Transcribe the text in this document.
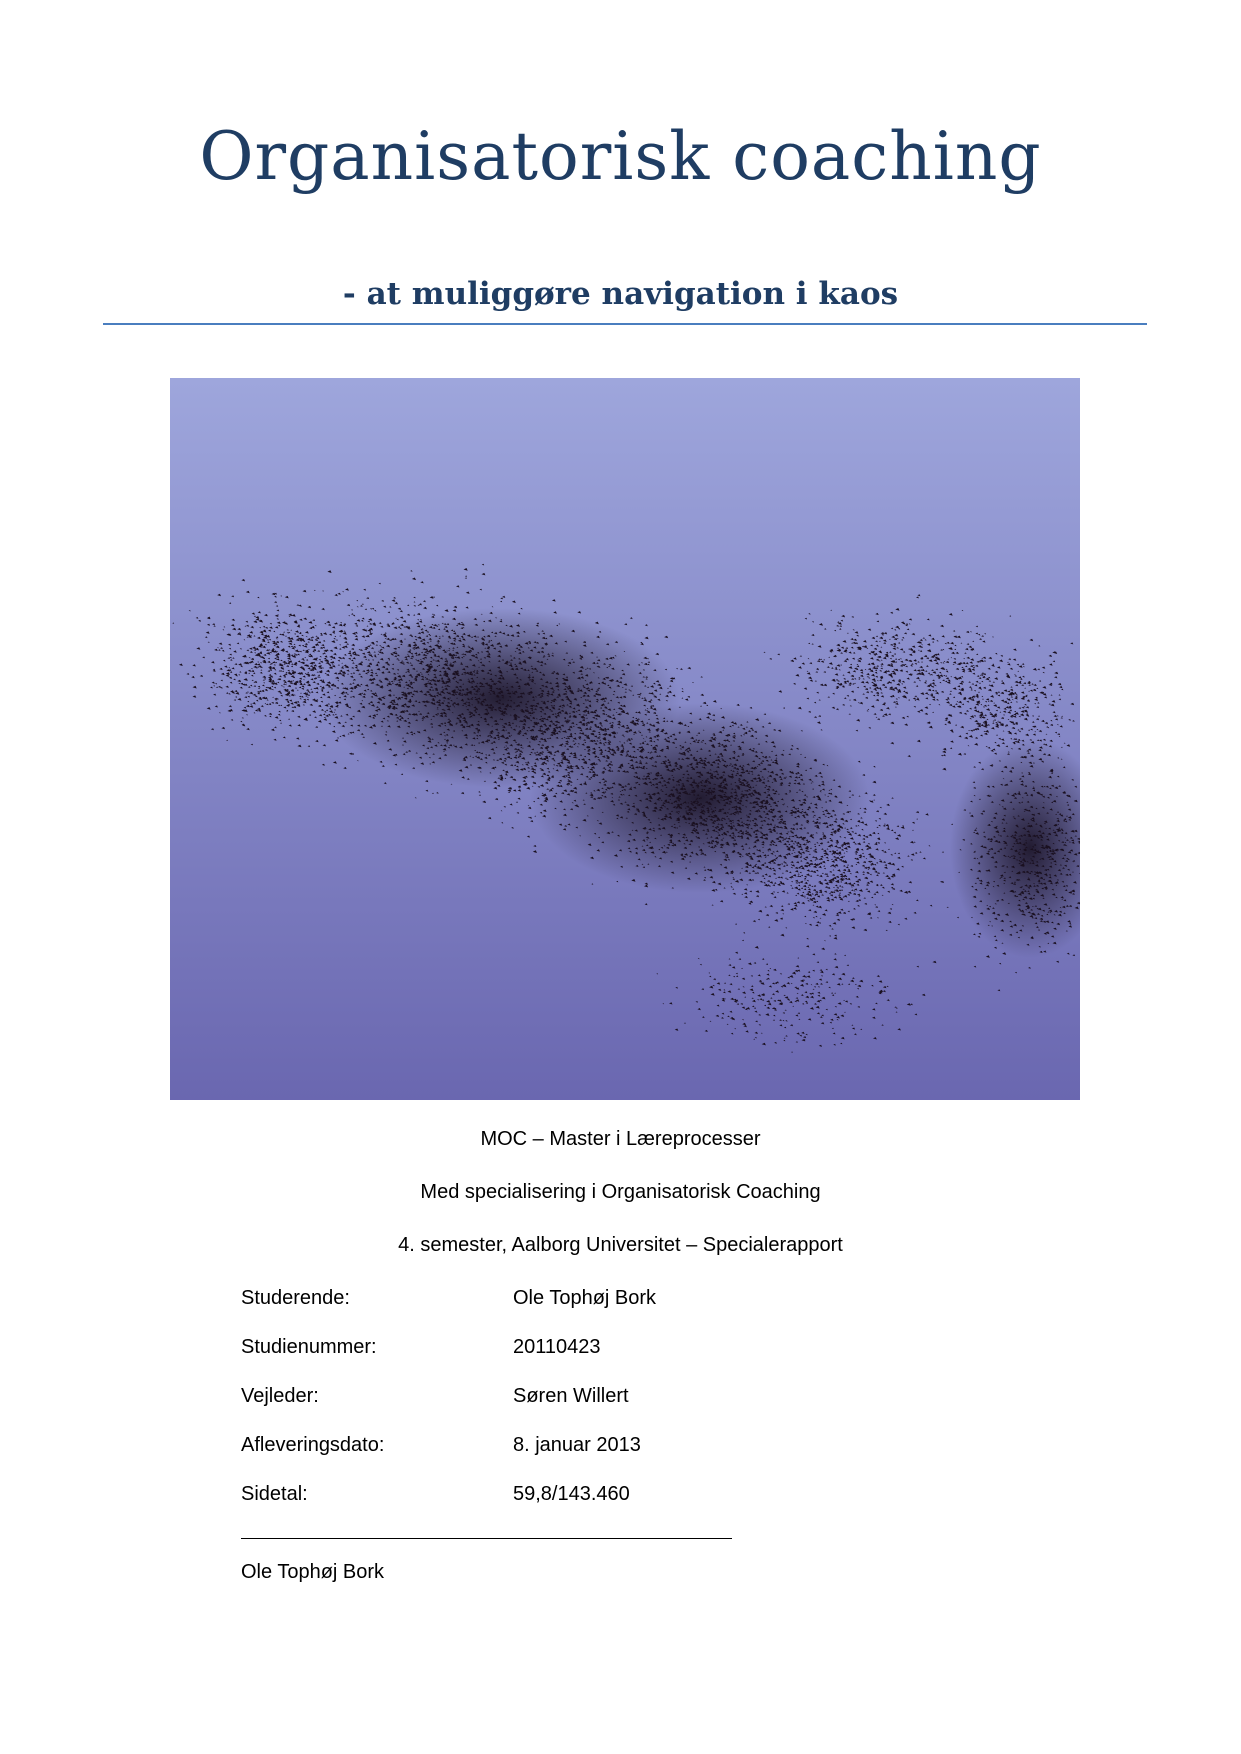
Organisatorisk coaching
- at muliggøre navigation i kaos

MOC – Master i Læreprocesser

Med specialisering i Organisatorisk Coaching

4. semester, Aalborg Universitet – Specialerapport

Studerende:	Ole Tophøj Bork

Studienummer:	20110423

Vejleder:	Søren Willert

Afleveringsdato:	8. januar 2013

Sidetal:	59,8/143.460

Ole Tophøj Bork
